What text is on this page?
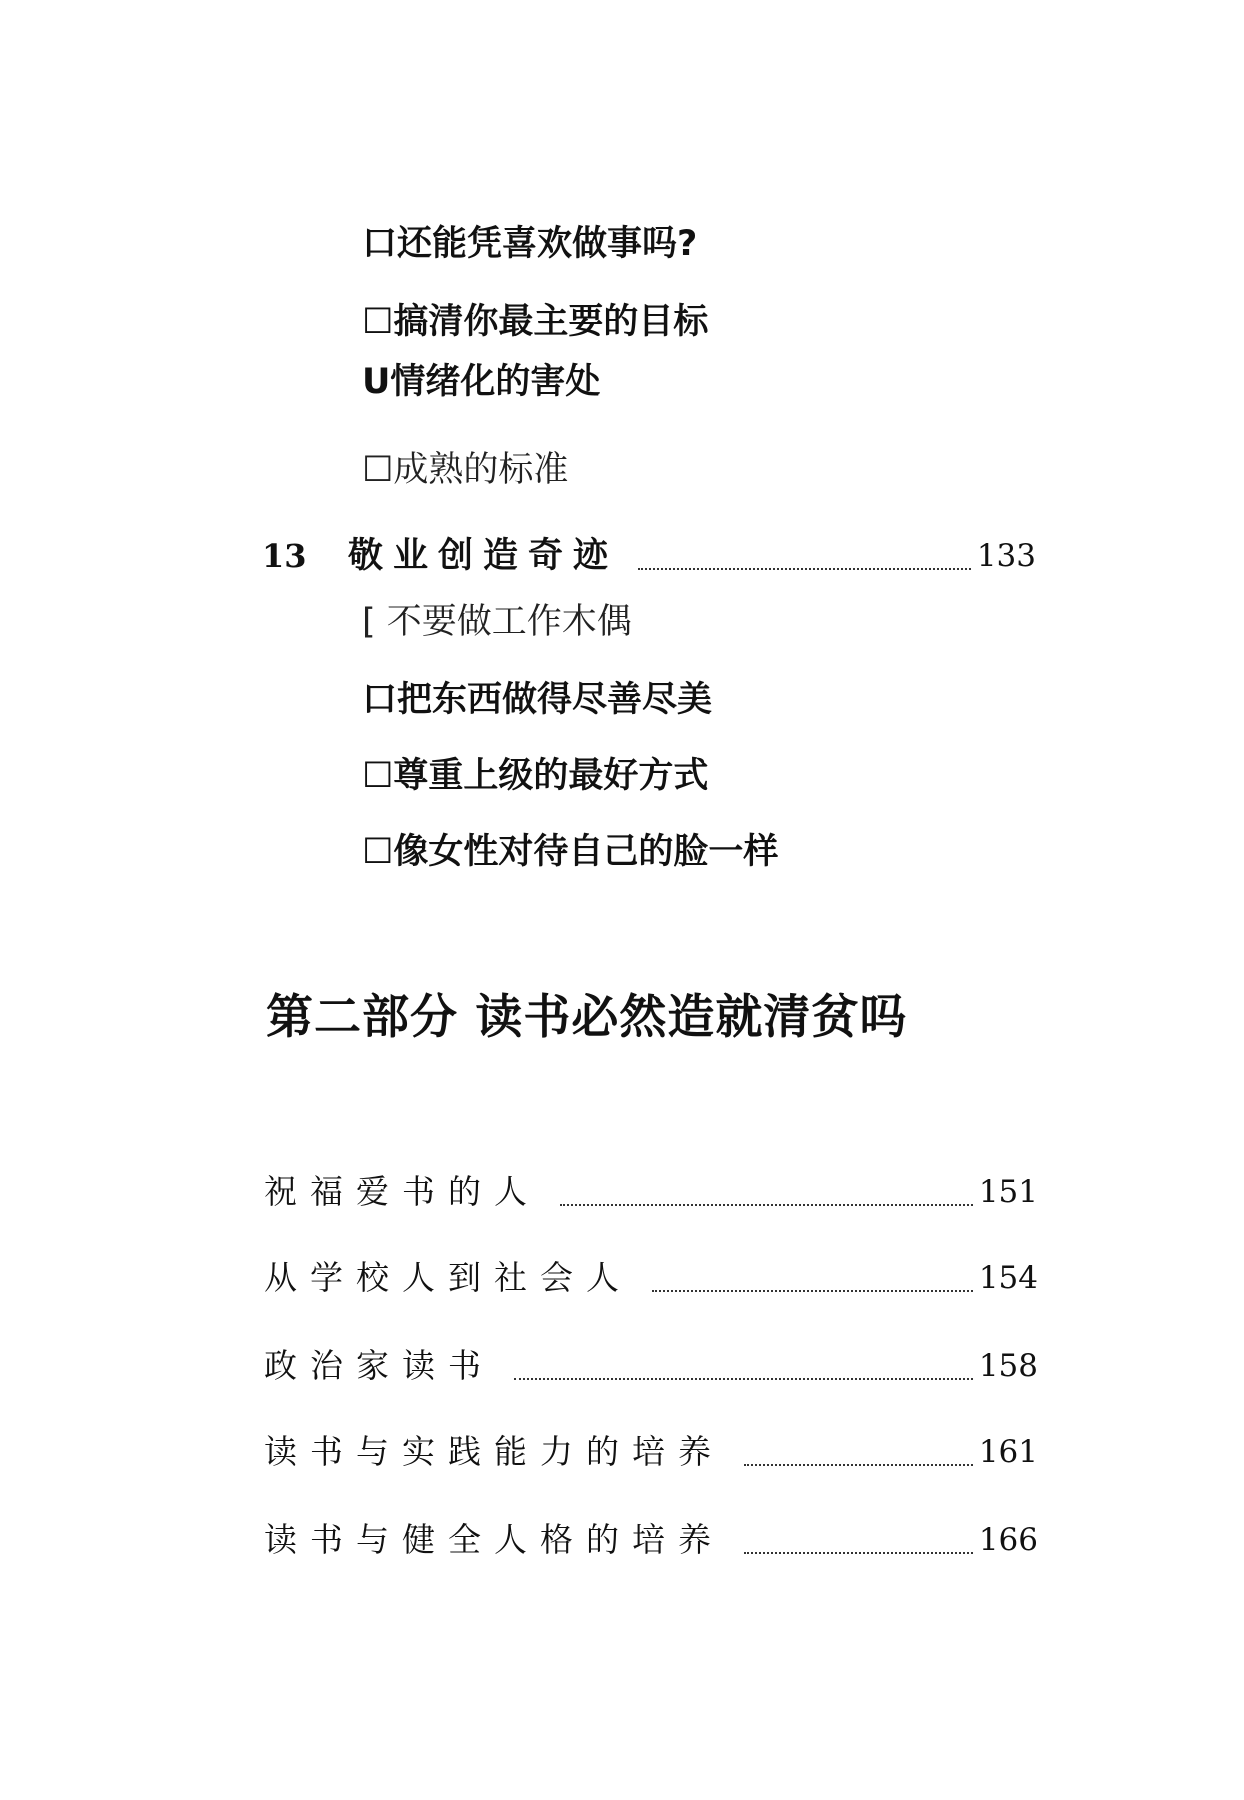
口还能凭喜欢做事吗?
☐搞清你最主要的目标
U情绪化的害处
☐成熟的标准
13	敬业创造奇迹	133
[ 不要做工作木偶
口把东西做得尽善尽美
☐尊重上级的最好方式
☐像女性对待自己的脸一样
第二部分 读书必然造就清贫吗
祝福爱书的人	151
从学校人到社会人	154
政治家读书	158
读书与实践能力的培养	161
读书与健全人格的培养	166
